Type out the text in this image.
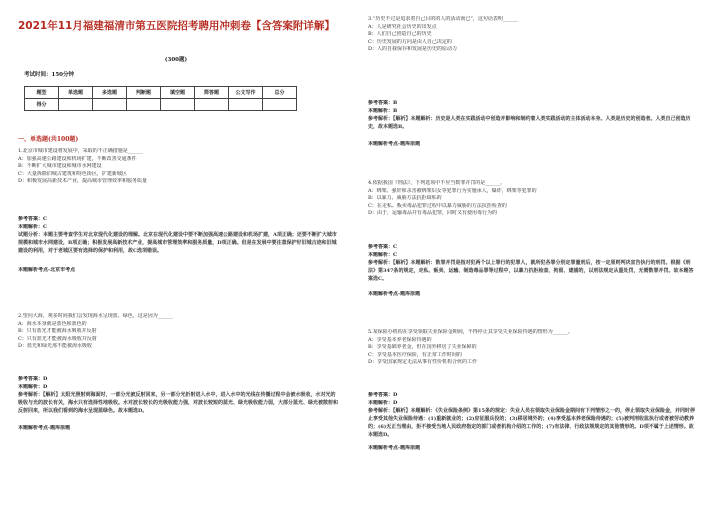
2021年11月福建福清市第五医院招考聘用冲刺卷【含答案附详解】
(300题)
考试时间：150分钟
题型	单选题	多选题	判断题	填空题	简答题	公文写作	总分
得分							
一、单选题(共100题)
1.北京市城市建设将发展中，采取的不正确措施是______
A：加强高速公路建设和机场扩建，不断改善交通条件
B：不断扩大城市建设和城市水网建设
C：大量拆除旧城古建筑和特色街区，扩建新城区
D：积极发展高新技术产业，提高城市管理效率和服务质量
参考答案：C
本题解析：C
试题分析：本题主要考查学生对北京现代化建设的理解。北京在现代化建设中要不断加强高速公路建设和机场扩建，A项正确；还要不断扩大城市规模和城市水网建设，B项正确；积极发展高新技术产业，提高城市管理效率和服务质量，D项正确。但是在发展中要注意保护好旧城古迹和旧城建设的利用，对于老城区要有选择的保护和利用，故C选项错误。
本题解析考点-北京市考点
2.望向大海，观多时间我们会发现海水呈现蓝、绿色，这是因为______
A：海水本身就是蓝色和蓝色的
B：只有蓝光才能被海水吸收并反射
C：只有蓝光才能被海水吸收并反射
D：蓝光和绿光那不能被海水吸收
参考答案：D
本题解析：D
参考解析：【解析】太阳光照射到海面时，一部分光被反射回来，另一部分光折射进入水中，进入水中的光线在传播过程中会被水吸收，水对光的吸收与光的波长有关，海水只有选择性地吸收。水对波长较长的光吸收能力强，对波长较短的蓝光、绿光吸收能力弱，大部分蓝光、绿光被散射和反射回来，所以我们看到的海水呈现蓝绿色。故本题选D。
本题解析考点-题库原题
3.“历史不过是追求着自己目的的人的活动而已”，这句话表明______
A：人是研究社会历史的出发点
B：人们自己创造自己的历史
C：历史发展的方向是由人自己决定的
D：人的自我保存和发展是历史的原动力
参考答案：B
本题解析：B
参考解析：【解析】本题解析：历史是人类在实践活动中创造并影响和制约着人类实践活动的主体活动本身。人类是历史的创造者。人类自己创造历史，故本题选B。
本题解析考点-题库原题
4.依据我国《刑法》，下列选项中不应当数罪并罚的是______。
A：绑架、强奸和杀害被绑架妇女等犯罪行为实施承人，爆炸，绑架等犯罪的
B：以暴力、威胁方法抗拒缉私的
C：在走私、贩卖毒品犯罪过程中以暴力威胁的方法抗拒检查的
D：由于，运输毒品并有毒品犯罪，同时又有使用毒行为的
参考答案：C
本题解析：C
参考解析：【解析】本题解析：数罪并罚是指对犯两个以上罪行的犯罪人，就所犯各罪分别定罪量刑后，按一定原则判决宣告执行的刑罚。根据《刑法》第347条的规定，走私、贩卖、运输、制造毒品罪等过程中，以暴力抗拒检查、拘留、逮捕的，以刑法规定从重处罚，无需数罪并罚。故本题答案选C。
本题解析考点-题库原题
5.某保险办机构在享受领取失业保险金期间，不得停止其享受失业保险待遇的情形为______。
A：享受基本养老保险待遇的
B：享受基础养老金，但在国外移居了失业保障的
C：享受基本医疗保险，有正常工作时间的
D：享受国家规定无法从事有性价机构合伙的工作
参考答案：D
本题解析：D
参考解析：【解析】本题解析：《失业保险条例》第15条的规定：失业人员在领取失业保险金期间有下列情形之一的，停止领取失业保险金，并同时停止享受其他失业保险待遇：(1)重新就业的；(2)应征服兵役的；(3)移居境外的；(4)享受基本养老保险待遇的；(5)被判刑收监执行或者被劳动教养的；(6)无正当理由，拒不接受当地人民政府指定的部门或者机构介绍的工作的；(7)有法律、行政法规规定的其他情形的。D项不属于上述情形。故本题选D。
本题解析考点-题库原题
